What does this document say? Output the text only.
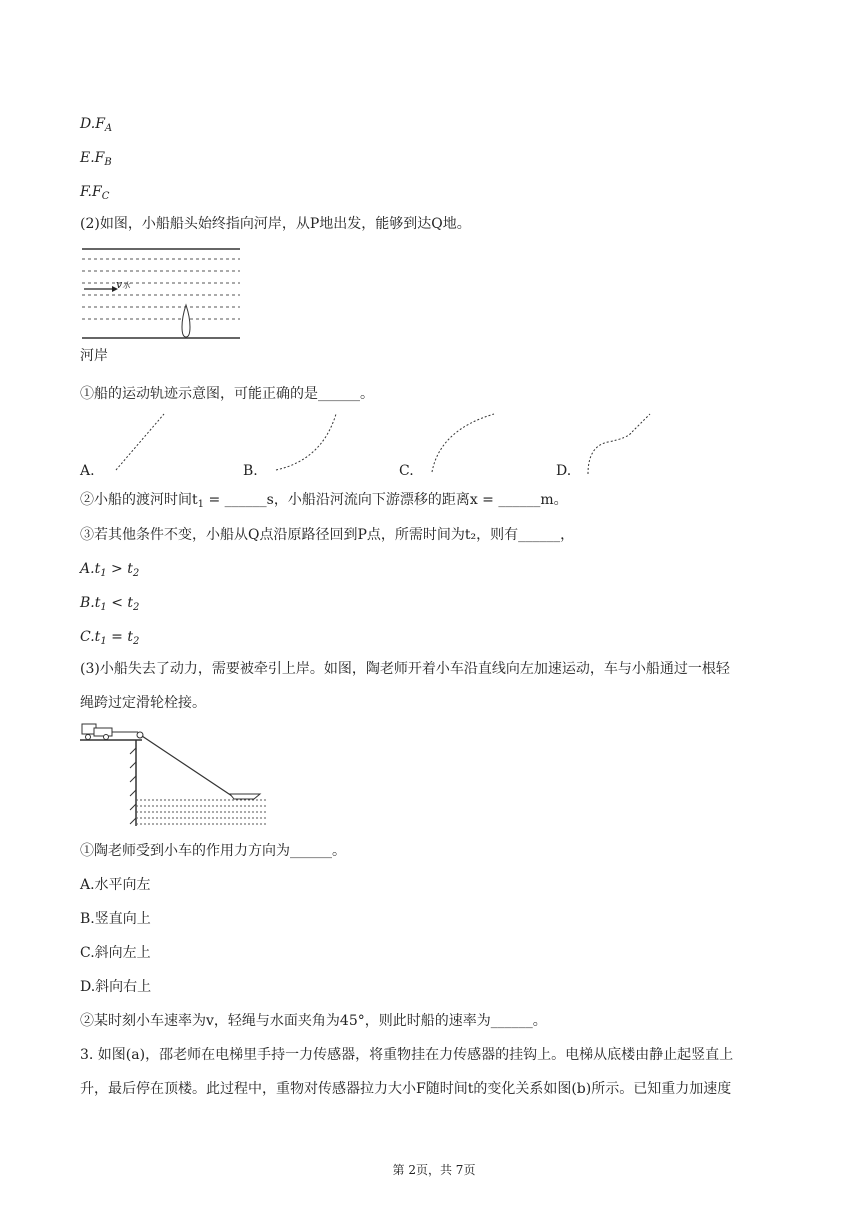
$D.F_A$
$E.F_B$
$F.F_C$
(2)如图，小船船头始终指向河岸，从P地出发，能够到达Q地。
v水
河岸
①船的运动轨迹示意图，可能正确的是______。
A.	B.	C.	D.
②小船的渡河时间$t_1$ = ______s，小船沿河流向下游漂移的距离x = ______m。
③若其他条件不变，小船从Q点沿原路径回到P点，所需时间为t₂，则有______，
$A.t_1 > t_2$
$B.t_1 < t_2$
$C.t_1 = t_2$
(3)小船失去了动力，需要被牵引上岸。如图，陶老师开着小车沿直线向左加速运动，车与小船通过一根轻
绳跨过定滑轮栓接。
①陶老师受到小车的作用力方向为______。
A.水平向左
B.竖直向上
C.斜向左上
D.斜向右上
②某时刻小车速率为v，轻绳与水面夹角为45°，则此时船的速率为______。
3. 如图(a)，邵老师在电梯里手持一力传感器，将重物挂在力传感器的挂钩上。电梯从底楼由静止起竖直上
升，最后停在顶楼。此过程中，重物对传感器拉力大小F随时间t的变化关系如图(b)所示。已知重力加速度
第 2页，共 7页
